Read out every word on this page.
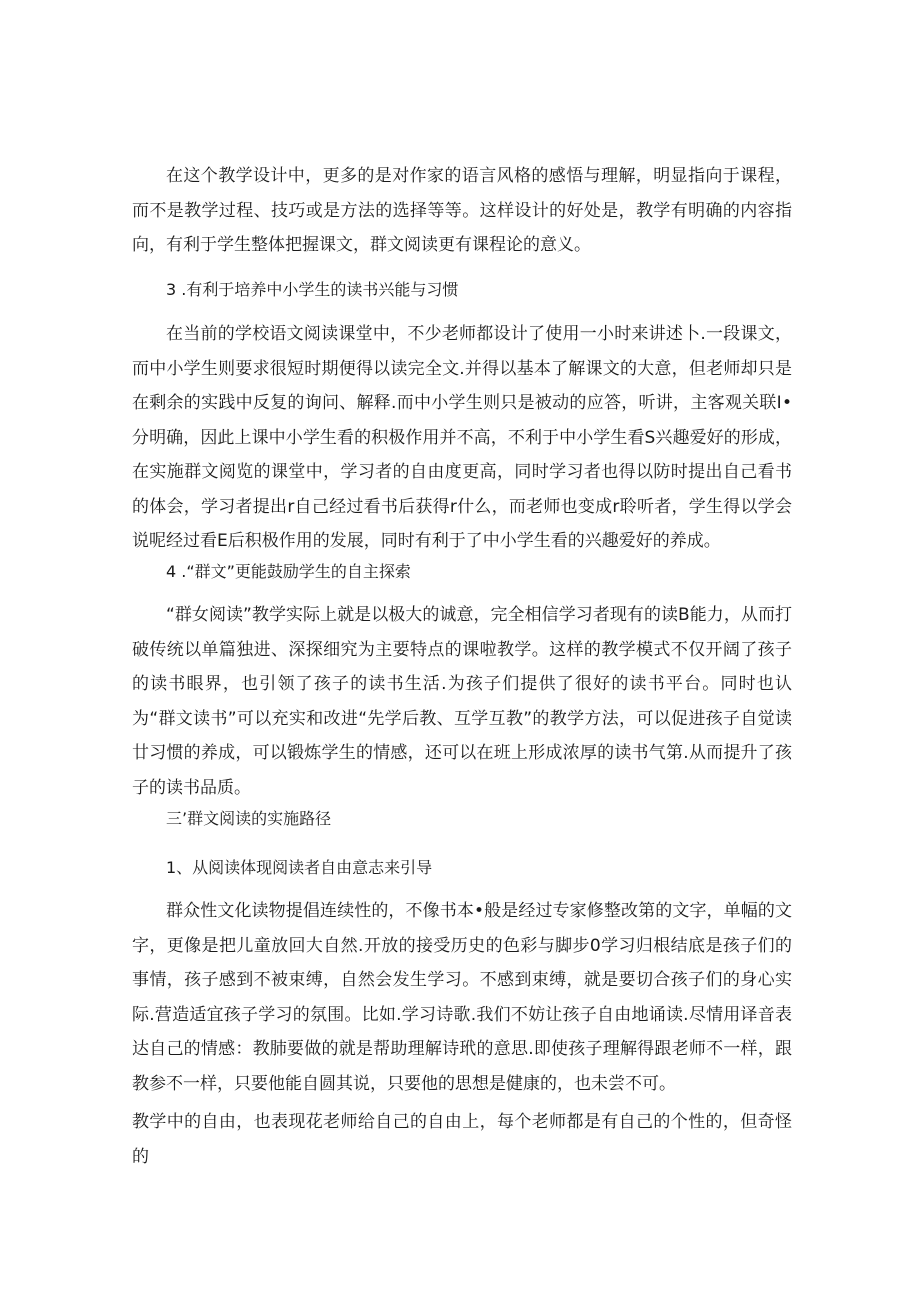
在这个教学设计中，更多的是对作家的语言风格的感悟与理解，明显指向于课程，而不是教学过程、技巧或是方法的选择等等。这样设计的好处是，教学有明确的内容指向，有利于学生整体把握课文，群文阅读更有课程论的意义。

3 .有利于培养中小学生的读书兴能与习惯

在当前的学校语文阅读课堂中，不少老师都设计了使用一小时来讲述卜.一段课文，而中小学生则要求很短时期便得以读完全文.并得以基本了解课文的大意，但老师却只是在剩余的实践中反复的询问、解释.而中小学生则只是被动的应答，听讲，主客观关联Ⅰ•分明确，因此上课中小学生看的积极作用并不高，不利于中小学生看S兴趣爱好的形成，在实施群文阅览的课堂中，学习者的自由度更高，同时学习者也得以防时提出自己看书的体会，学习者提出r自己经过看书后获得r什么，而老师也变成r聆听者，学生得以学会说呢经过看E后积极作用的发展，同时有利于了中小学生看的兴趣爱好的养成。

4 .“群文”更能鼓励学生的自主探索

“群女阅读”教学实际上就是以极大的诚意，完全相信学习者现有的读B能力，从而打破传统以单篇独进、深探细究为主要特点的课啦教学。这样的教学模式不仅开阔了孩子的读书眼界，也引领了孩子的读书生活.为孩子们提供了很好的读书平台。同时也认为“群文读书”可以充实和改进“先学后教、互学互教”的教学方法，可以促进孩子自觉读廿习惯的养成，可以锻炼学生的情感，还可以在班上形成浓厚的读书气第.从而提升了孩子的读书品质。

三’群文阅读的实施路径

1、从阅读体现阅读者自由意志来引导

群众性文化读物提倡连续性的，不像书本•般是经过专家修整改第的文字，单幅的文字，更像是把儿童放回大自然.开放的接受历史的色彩与脚步0学习归根结底是孩子们的事情，孩子感到不被束缚，自然会发生学习。不感到束缚，就是要切合孩子们的身心实际.营造适宜孩子学习的氛围。比如.学习诗歌.我们不妨让孩子自由地诵读.尽情用译音表达自己的情感：教肺要做的就是帮助理解诗玳的意思.即使孩子理解得跟老师不一样，跟教参不一样，只要他能自圆其说，只要他的思想是健康的，也未尝不可。

教学中的自由，也表现花老师给自己的自由上，每个老师都是有自己的个性的，但奇怪的
